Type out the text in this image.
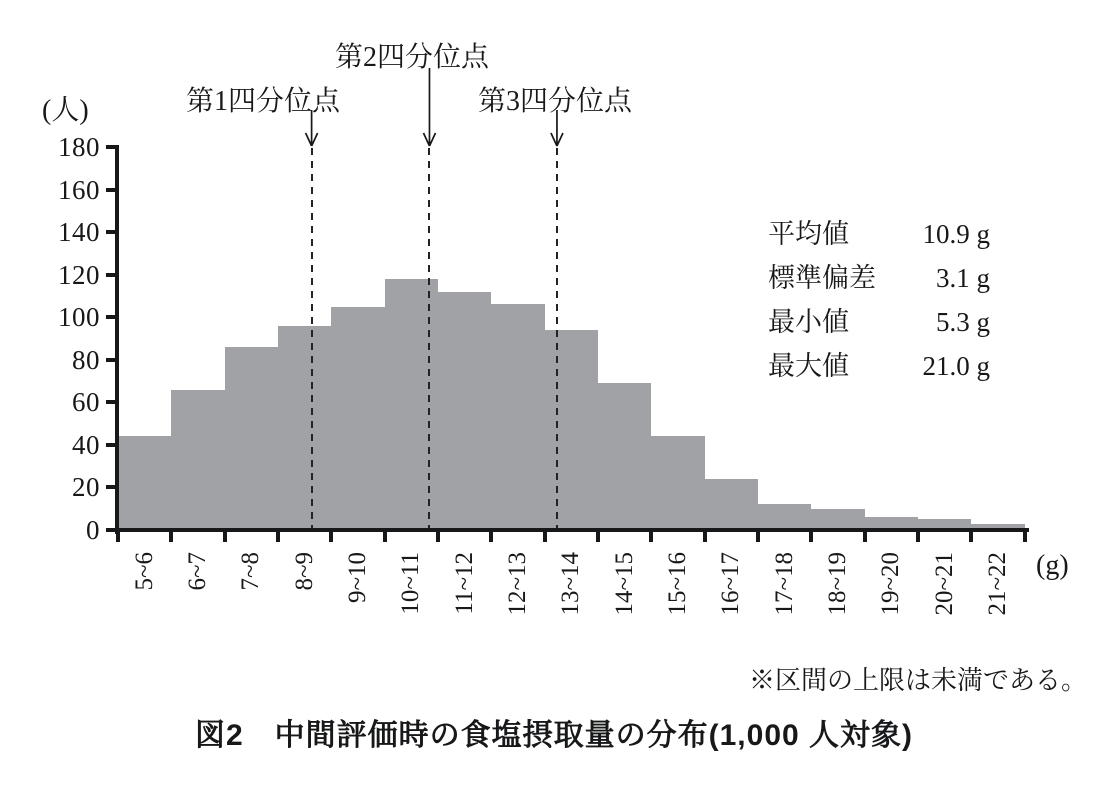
(人)
(g)
0
20
40
60
80
100
120
140
160
180
5~6 6~7 7~8 8~9 9~10 10~11 11~12 12~13 13~14 14~15 15~16 16~17 17~18 18~19 19~20 20~21 21~22
第1四分位点
第2四分位点
第3四分位点
平均値	10.9 g
標準偏差 3.1 g
最小値	5.3 g
最大値	21.0 g
※区間の上限は未満である。
図2　中間評価時の食塩摂取量の分布(1,000 人対象)
